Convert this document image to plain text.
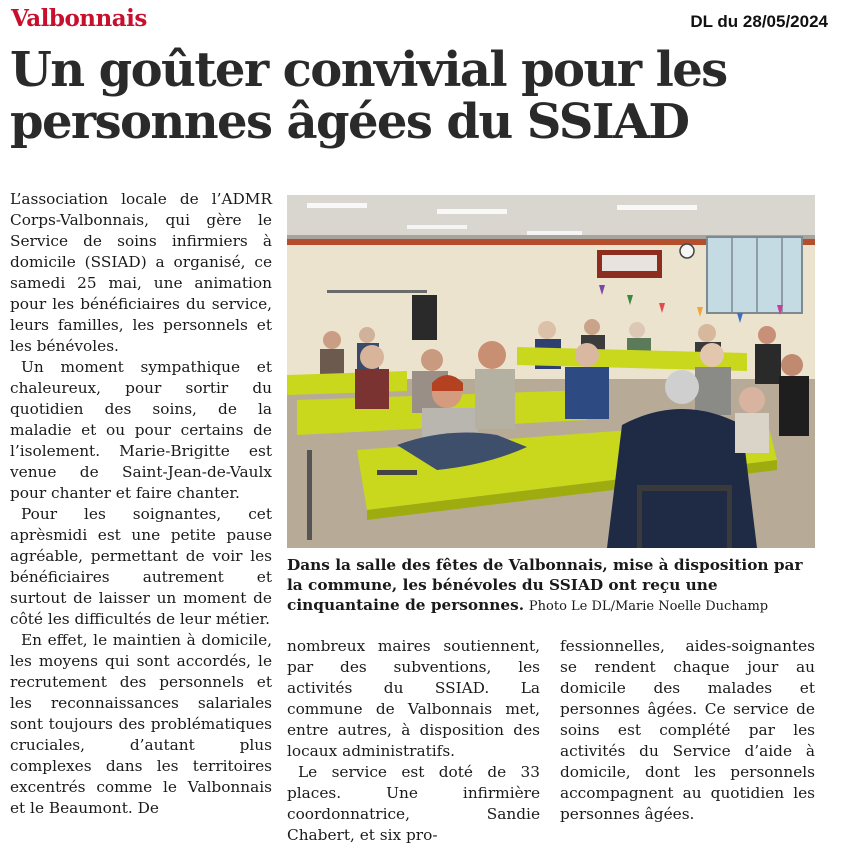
Valbonnais	DL du 28/05/2024
Un goûter convivial pour les
personnes âgées du SSIAD

L’association locale de l’ADMR Corps-Valbonnais, qui gère le Service de soins infirmiers à domicile (SSIAD) a organisé, ce samedi 25 mai, une animation pour les bénéficiaires du service, leurs familles, les personnels et les bénévoles.

Un moment sympathique et chaleureux, pour sortir du quotidien des soins, de la maladie et ou pour certains de l’isolement. Marie-Brigitte est venue de Saint-Jean-de-Vaulx pour chanter et faire chanter.

Pour les soignantes, cet aprèsmidi est une petite pause agréable, permettant de voir les bénéficiaires autrement et surtout de laisser un moment de côté les difficultés de leur métier.

En effet, le maintien à domicile, les moyens qui sont accordés, le recrutement des personnels et les reconnaissances salariales sont toujours des problématiques cruciales, d’autant plus complexes dans les territoires excentrés comme le Valbonnais et le Beaumont. De

Dans la salle des fêtes de Valbonnais, mise à disposition par
la commune, les bénévoles du SSIAD ont reçu une
cinquantaine de personnes. Photo Le DL/Marie Noelle Duchamp

nombreux maires soutiennent, par des subventions, les activités du SSIAD. La commune de Valbonnais met, entre autres, à disposition des locaux administratifs.

Le service est doté de 33 places. Une infirmière coordonnatrice, Sandie Chabert, et six pro-

fessionnelles, aides-soignantes se rendent chaque jour au domicile des malades et personnes âgées. Ce service de soins est complété par les activités du Service d’aide à domicile, dont les personnels accompagnent au quotidien les personnes âgées.
